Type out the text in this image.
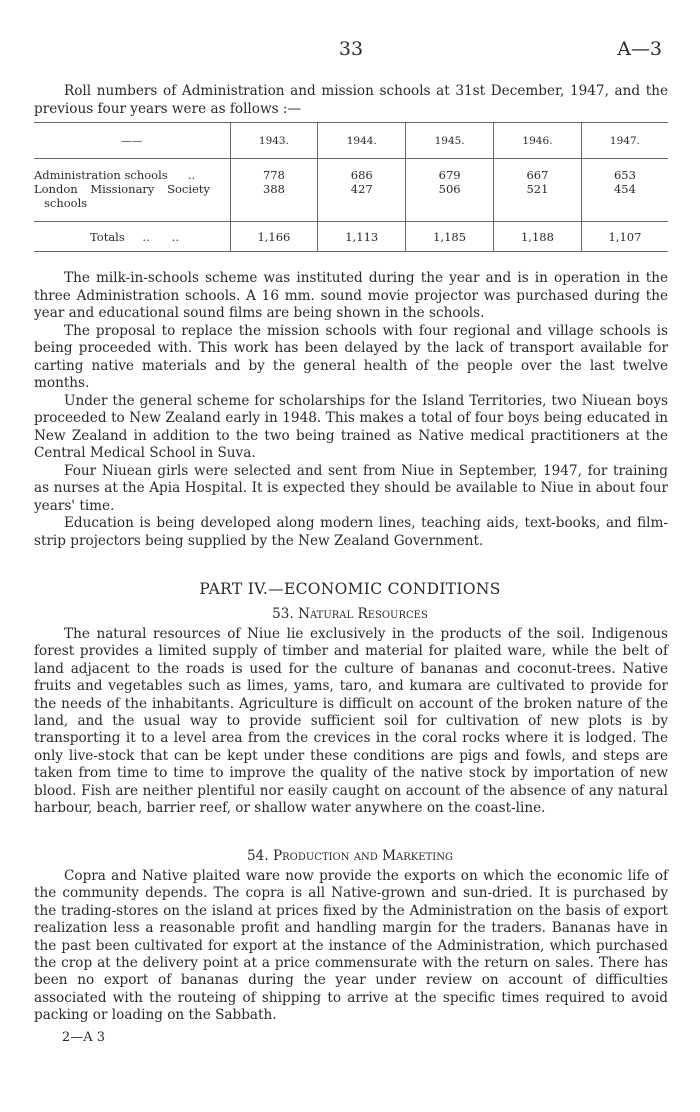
33	A—3

Roll numbers of Administration and mission schools at 31st December, 1947, and the previous four years were as follows :—

——	1943.	1944.	1945.	1946.	1947.

Administration schools ..	778	686	679	667	653

London Missionary Society
schools	388	427	506	521	454

Totals ..      ..	1,166	1,113	1,185	1,188	1,107

The milk-in-schools scheme was instituted during the year and is in operation in the three Administration schools. A 16 mm. sound movie projector was purchased during the year and educational sound films are being shown in the schools.

The proposal to replace the mission schools with four regional and village schools is being proceeded with. This work has been delayed by the lack of transport available for carting native materials and by the general health of the people over the last twelve months.

Under the general scheme for scholarships for the Island Territories, two Niuean boys proceeded to New Zealand early in 1948. This makes a total of four boys being educated in New Zealand in addition to the two being trained as Native medical practitioners at the Central Medical School in Suva.

Four Niuean girls were selected and sent from Niue in September, 1947, for training as nurses at the Apia Hospital. It is expected they should be available to Niue in about four years' time.

Education is being developed along modern lines, teaching aids, text-books, and film-strip projectors being supplied by the New Zealand Government.

PART IV.—ECONOMIC CONDITIONS
53. Natural Resources

The natural resources of Niue lie exclusively in the products of the soil. Indigenous forest provides a limited supply of timber and material for plaited ware, while the belt of land adjacent to the roads is used for the culture of bananas and coconut-trees. Native fruits and vegetables such as limes, yams, taro, and kumara are cultivated to provide for the needs of the inhabitants. Agriculture is difficult on account of the broken nature of the land, and the usual way to provide sufficient soil for cultivation of new plots is by transporting it to a level area from the crevices in the coral rocks where it is lodged. The only live-stock that can be kept under these conditions are pigs and fowls, and steps are taken from time to time to improve the quality of the native stock by importation of new blood. Fish are neither plentiful nor easily caught on account of the absence of any natural harbour, beach, barrier reef, or shallow water anywhere on the coast-line.

54. Production and Marketing

Copra and Native plaited ware now provide the exports on which the economic life of the community depends. The copra is all Native-grown and sun-dried. It is purchased by the trading-stores on the island at prices fixed by the Administration on the basis of export realization less a reasonable profit and handling margin for the traders. Bananas have in the past been cultivated for export at the instance of the Administration, which purchased the crop at the delivery point at a price commensurate with the return on sales. There has been no export of bananas during the year under review on account of difficulties associated with the routeing of shipping to arrive at the specific times required to avoid packing or loading on the Sabbath.

2—A 3
